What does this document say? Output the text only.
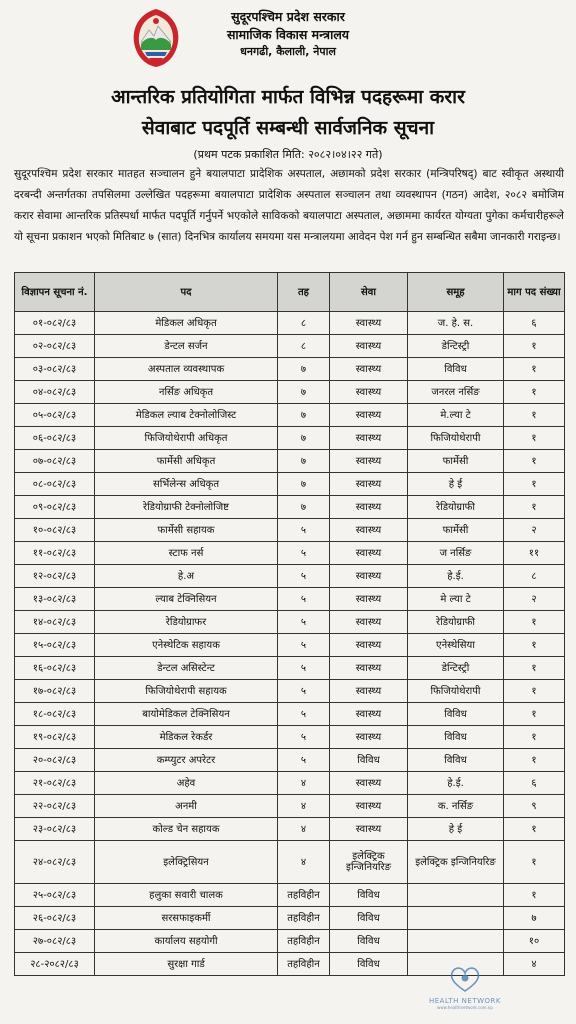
सुदूरपश्चिम प्रदेश सरकार
सामाजिक विकास मन्त्रालय
धनगढी, कैलाली, नेपाल
आन्तरिक प्रतियोगिता मार्फत विभिन्न पदहरूमा करार
सेवाबाट पदपूर्ति सम्बन्धी सार्वजनिक सूचना
(प्रथम पटक प्रकाशित मिति: २०८२।०४।२२ गते)
सुदूरपश्चिम प्रदेश सरकार मातहत सञ्चालन हुने बयालपाटा प्रादेशिक अस्पताल, अछामको प्रदेश सरकार (मन्त्रिपरिषद्) बाट स्वीकृत अस्थायी दरबन्दी अन्तर्गतका तपसिलमा उल्लेखित पदहरूमा बयालपाटा प्रादेशिक अस्पताल सञ्चालन तथा व्यवस्थापन (गठन) आदेश, २०८२ बमोजिम करार सेवामा आन्तरिक प्रतिस्पर्धा मार्फत पदपूर्ति गर्नुपर्ने भएकोले साविकको बयालपाटा अस्पताल, अछाममा कार्यरत योग्यता पुगेका कर्मचारीहरूले यो सूचना प्रकाशन भएको मितिबाट ७ (सात) दिनभित्र कार्यालय समयमा यस मन्त्रालयमा आवेदन पेश गर्न हुन सम्बन्धित सबैमा जानकारी गराइन्छ।
विज्ञापन सूचना नं.	पद	तह	सेवा	समूह	माग पद संख्या
०१-०८२/८३	मेडिकल अधिकृत	८	स्वास्थ्य	ज. हे. स.	६
०२-०८२/८३	डेन्टल सर्जन	८	स्वास्थ्य	डेन्टिस्ट्री	१
०३-०८२/८३	अस्पताल व्यवस्थापक	७	स्वास्थ्य	विविध	१
०४-०८२/८३	नर्सिङ अधिकृत	७	स्वास्थ्य	जनरल नर्सिङ	१
०५-०८२/८३	मेडिकल ल्याब टेक्नोलोजिस्ट	७	स्वास्थ्य	मे.ल्या टे	१
०६-०८२/८३	फिजियोथेरापी अधिकृत	७	स्वास्थ्य	फिजियोथेरापी	१
०७-०८२/८३	फार्मेसी अधिकृत	७	स्वास्थ्य	फार्मेसी	१
०८-०८२/८३	सर्भिलेन्स अधिकृत	७	स्वास्थ्य	हे ई	१
०९-०८२/८३	रेडियोग्राफी टेक्नोलोजिष्ट	७	स्वास्थ्य	रेडियोग्राफी	१
१०-०८२/८३	फार्मेसी सहायक	५	स्वास्थ्य	फार्मेसी	२
११-०८२/८३	स्टाफ नर्स	५	स्वास्थ्य	ज नर्सिङ	११
१२-०८२/८३	हे.अ	५	स्वास्थ्य	हे.ई.	८
१३-०८२/८३	ल्याब टेक्निसियन	५	स्वास्थ्य	मे ल्या टे	२
१४-०८२/८३	रेडियोग्राफर	५	स्वास्थ्य	रेडियोग्राफी	१
१५-०८२/८३	एनेस्थेटिक सहायक	५	स्वास्थ्य	एनेस्थेसिया	१
१६-०८२/८३	डेन्टल असिस्टेन्ट	५	स्वास्थ्य	डेन्टिस्ट्री	१
१७-०८२/८३	फिजियोथेरापी सहायक	५	स्वास्थ्य	फिजियोथेरापी	१
१८-०८२/८३	बायोमेडिकल टेक्निसियन	५	स्वास्थ्य	विविध	१
१९-०८२/८३	मेडिकल रेकर्डर	५	स्वास्थ्य	विविध	१
२०-०८२/८३	कम्प्युटर अपरेटर	५	विविध	विविध	१
२१-०८२/८३	अहेव	४	स्वास्थ्य	हे.ई.	६
२२-०८२/८३	अनमी	४	स्वास्थ्य	क. नर्सिङ	९
२३-०८२/८३	कोल्ड चेन सहायक	४	स्वास्थ्य	हे ई	१
२४-०८२/८३	इलेक्ट्रिसियन	४	इलेक्ट्रिक इन्जिनियरिङ	इलेक्ट्रिक इन्जिनियरिङ	१
२५-०८२/८३	हलुका सवारी चालक	तहविहीन	विविध		१
२६-०८२/८३	सरसफाइकर्मी	तहविहीन	विविध		७
२७-०८२/८३	कार्यालय सहयोगी	तहविहीन	विविध		१०
२८-२०८२/८३	सुरक्षा गार्ड	तहविहीन	विविध		४
HEALTH NETWORK
www.healthnetwork.com.np
